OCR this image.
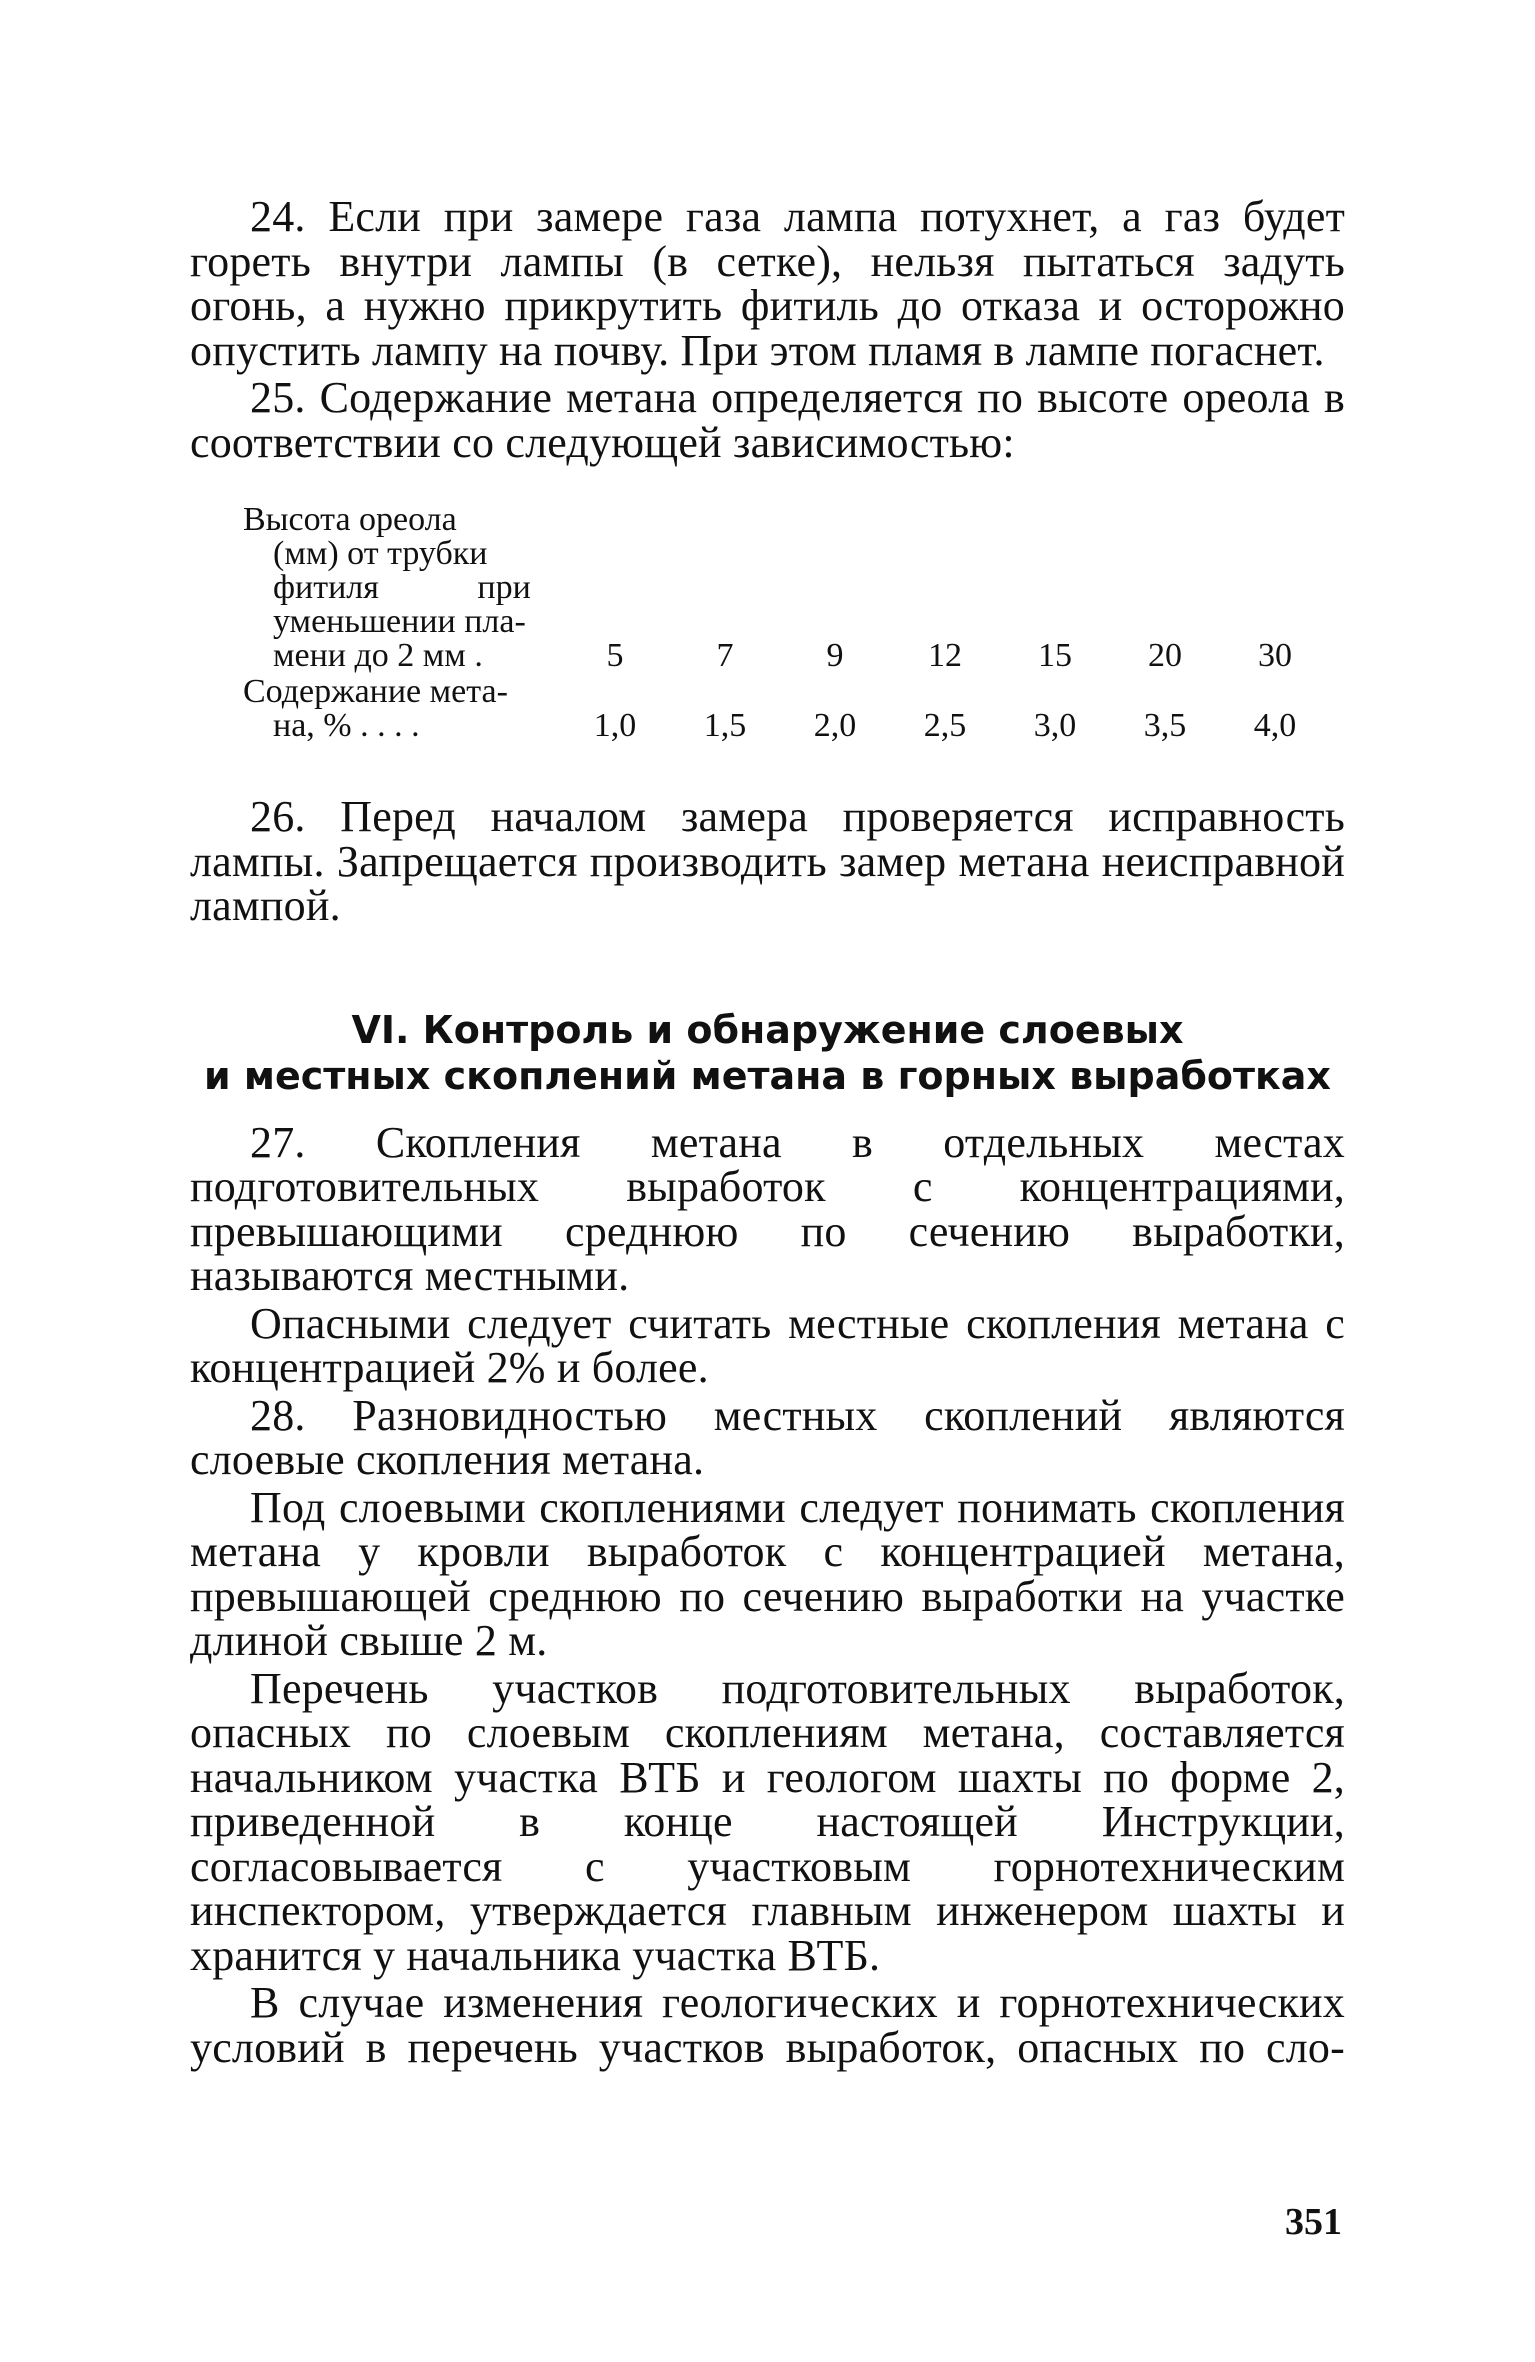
24. Если при замере газа лампа потухнет, а газ будет гореть внутри лампы (в сетке), нельзя пытаться задуть огонь, а нужно прикрутить фитиль до отказа и осторожно опустить лампу на почву. При этом пламя в лампе погаснет.

25. Содержание метана определяется по высоте ореола в соответствии со следующей зависимостью:

Высота ореола
(мм) от трубки
фитиля при
уменьшении пла-
мени до 2 мм .	5	7	9	12	15	20	30
Содержание мета-
на, % . . . .	1,0	1,5	2,0	2,5	3,0	3,5	4,0

26. Перед началом замера проверяется исправность лампы. Запрещается производить замер метана неисправной лампой.

VI. Контроль и обнаружение слоевых
и местных скоплений метана в горных выработках

27. Скопления метана в отдельных местах подготовительных выработок с концентрациями, превышающими среднюю по сечению выработки, называются местными.

Опасными следует считать местные скопления метана с концентрацией 2% и более.

28. Разновидностью местных скоплений являются слоевые скопления метана.

Под слоевыми скоплениями следует понимать скопления метана у кровли выработок с концентрацией метана, превышающей среднюю по сечению выработки на участке длиной свыше 2 м.

Перечень участков подготовительных выработок, опасных по слоевым скоплениям метана, составляется начальником участка ВТБ и геологом шахты по форме 2, приведенной в конце настоящей Инструкции, согласовывается с участковым горнотехническим инспектором, утверждается главным инженером шахты и хранится у начальника участка ВТБ.

В случае изменения геологических и горнотехнических условий в перечень участков выработок, опасных по сло-

351
